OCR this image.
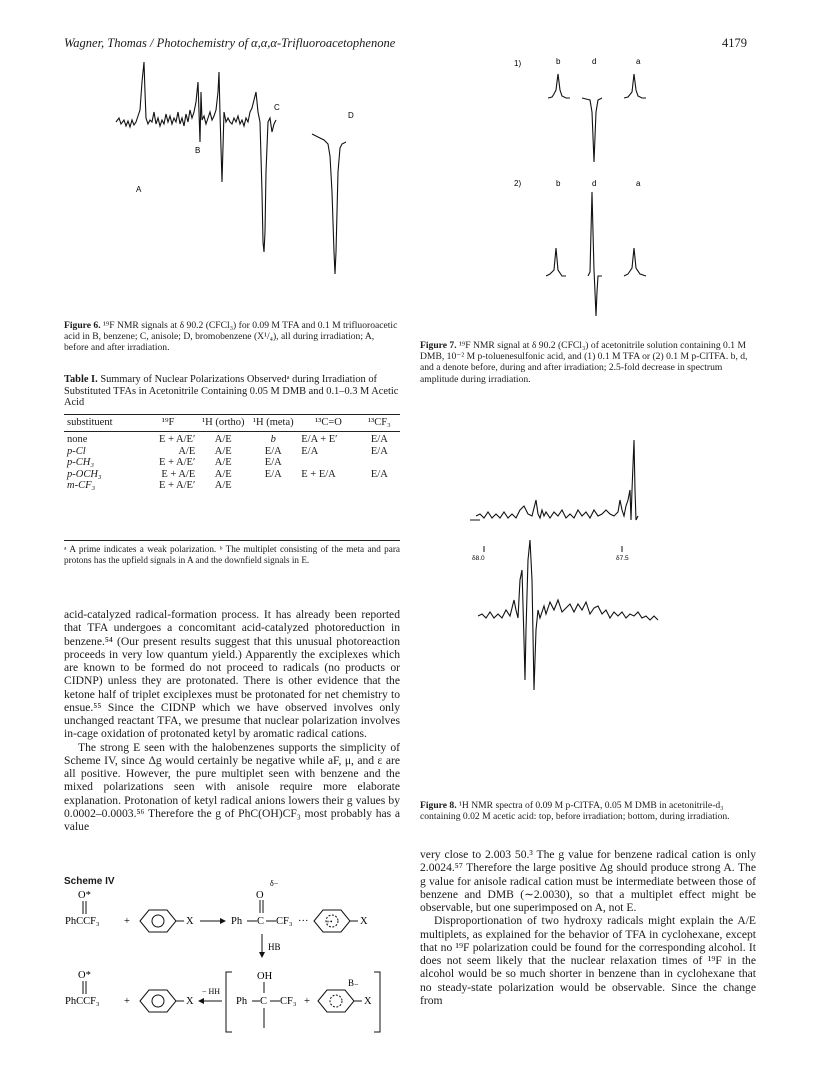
Wagner, Thomas / Photochemistry of α,α,α-Trifluoroacetophenone	4179
A
B
C
D
Figure 6. ¹⁹F NMR signals at δ 90.2 (CFCl₃) for 0.09 M TFA and 0.1 M trifluoroacetic acid in B, benzene; C, anisole; D, bromobenzene (X¹/₄), all during irradiation; A, before and after irradiation.
Table I. Summary of Nuclear Polarizations Observedᵃ during Irradiation of Substituted TFAs in Acetonitrile Containing 0.05 M DMB and 0.1–0.3 M Acetic Acid
substituent	¹⁹F	¹H (ortho)	¹H (meta)	¹³C=O	¹³CF₃

none	E + A/E′	A/E	b	E/A + E′	E/A
p-Cl	A/E	A/E	E/A	E/A	E/A
p-CH₃	E + A/E′	A/E	E/A		
p-OCH₃	E + A/E	A/E	E/A	E + E/A	E/A
m-CF₃	E + A/E′	A/E			
ᵃ A prime indicates a weak polarization. ᵇ The multiplet consisting of the meta and para protons has the upfield signals in A and the downfield signals in E.

acid-catalyzed radical-formation process. It has already been reported that TFA undergoes a concomitant acid-catalyzed photoreduction in benzene.⁵⁴ (Our present results suggest that this unusual photoreaction proceeds in very low quantum yield.) Apparently the exciplexes which are known to be formed do not proceed to radicals (no products or CIDNP) unless they are protonated. There is other evidence that the ketone half of triplet exciplexes must be protonated for net chemistry to ensue.⁵⁵ Since the CIDNP which we have observed involves only unchanged reactant TFA, we presume that nuclear polarization involves in-cage oxidation of protonated ketyl by aromatic radical cations.

The strong E seen with the halobenzenes supports the simplicity of Scheme IV, since Δg would certainly be negative while aF, μ, and ε are all positive. However, the pure multiplet seen with benzene and the mixed polarizations seen with anisole require more elaborate explanation. Protonation of ketyl radical anions lowers their g values by 0.0002–0.0003.⁵⁶ Therefore the g of PhC(OH)CF₃ most probably has a value

Scheme IV
O*
PhCCF₃ +	X	Ph C
O
δ−
CF₃ ···	+•	X
HB
O*
PhCCF₃ +	X
− HH
Ph C
OH
CF₃ +	X
B₋
1)	b	d	a
2)	b	d	a
Figure 7. ¹⁹F NMR signal at δ 90.2 (CFCl₃) of acetonitrile solution containing 0.1 M DMB, 10⁻² M p-toluenesulfonic acid, and (1) 0.1 M TFA or (2) 0.1 M p-ClTFA. b, d, and a denote before, during and after irradiation; 2.5-fold decrease in spectrum amplitude during irradiation.
δ8.0	δ7.5
Figure 8. ¹H NMR spectra of 0.09 M p-ClTFA, 0.05 M DMB in acetonitrile-d₃ containing 0.02 M acetic acid: top, before irradiation; bottom, during irradiation.

very close to 2.003 50.³ The g value for benzene radical cation is only 2.0024.⁵⁷ Therefore the large positive Δg should produce strong A. The g value for anisole radical cation must be intermediate between those of benzene and DMB (∼2.0030), so that a multiplet effect might be observable, but one superimposed on A, not E.

Disproportionation of two hydroxy radicals might explain the A/E multiplets, as explained for the behavior of TFA in cyclohexane, except that no ¹⁹F polarization could be found for the corresponding alcohol. It does not seem likely that the nuclear relaxation times of ¹⁹F in the alcohol would be so much shorter in benzene than in cyclohexane that no steady-state polarization would be observable. Since the change from
